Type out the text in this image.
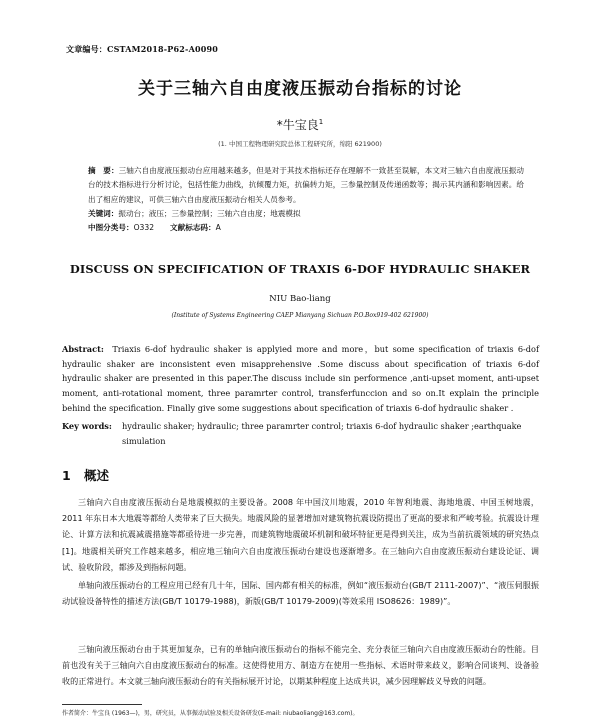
文章编号：CSTAM2018-P62-A0090
关于三轴六自由度液压振动台指标的讨论
*牛宝良$^1$
(1. 中国工程物理研究院总体工程研究所，绵阳 621900)
摘　要：三轴六自由度液压振动台应用越来越多，但是对于其技术指标还存在理解不一致甚至误解，本文对三轴六自由度液压振动台的技术指标进行分析讨论，包括性能力曲线，抗倾覆力矩，抗偏转力矩，三参量控制及传递函数等；揭示其内涵和影响因素。给出了相应的建议，可供三轴六自由度液压振动台相关人员参考。
关键词：振动台；液压；三参量控制；三轴六自由度；地震模拟
中图分类号：O332 文献标志码：A
DISCUSS ON SPECIFICATION OF TRAXIS 6-DOF HYDRAULIC SHAKER
NIU Bao-liang
(Institute of Systems Engineering CAEP Mianyang Sichuan P.O.Box919-402 621900)
Abstract: Triaxis 6-dof hydraulic shaker is applyied more and more，but some specification of triaxis 6-dof hydraulic shaker are inconsistent even misapprehensive .Some discuss about specification of triaxis 6-dof hydraulic shaker are presented in this paper.The discuss include sin performence ,anti-upset moment, anti-upset moment, anti-rotational moment, three paramrter control, transferfunccion and so on.It explain the principle behind the specification. Finally give some suggestions about specification of triaxis 6-dof hydraulic shaker .
Key words: hydraulic shaker; hydraulic; three paramrter control; triaxis 6-dof hydraulic shaker ;earthquake simulation
1 概述
三轴向六自由度液压振动台是地震模拟的主要设备。2008 年中国汶川地震，2010 年智利地震、海地地震、中国玉树地震，2011 年东日本大地震等都给人类带来了巨大损失。地震风险的显著增加对建筑物抗震设防提出了更高的要求和严峻考验。抗震设计理论、计算方法和抗震减震措施等都亟待进一步完善，而建筑物地震破坏机制和破坏特征更是得到关注，成为当前抗震领域的研究热点[1]。地震相关研究工作越来越多，相应地三轴向六自由度液压振动台建设也逐渐增多。在三轴向六自由度液压振动台建设论证、调试、验收阶段，都涉及到指标问题。
单轴向液压振动台的工程应用已经有几十年，国际、国内都有相关的标准，例如“液压振动台(GB/T 2111-2007)”、“液压伺服振动试验设备特性的描述方法(GB/T 10179-1988)，新版(GB/T 10179-2009)(等效采用 ISO8626：1989)”。
三轴向液压振动台由于其更加复杂，已有的单轴向液压振动台的指标不能完全、充分表征三轴向六自由度液压振动台的性能。目前也没有关于三轴向六自由度液压振动台的标准。这使得使用方、制造方在使用一些指标、术语时带来歧义，影响合同谈判、设备验收的正常进行。本文就三轴向液压振动台的有关指标展开讨论，以期某种程度上达成共识，减少因理解歧义导致的问题。
作者简介：牛宝良 (1963—)，男，研究员，从事振动试验及相关设备研发(E-mail: niubaoliang@163.com)。
